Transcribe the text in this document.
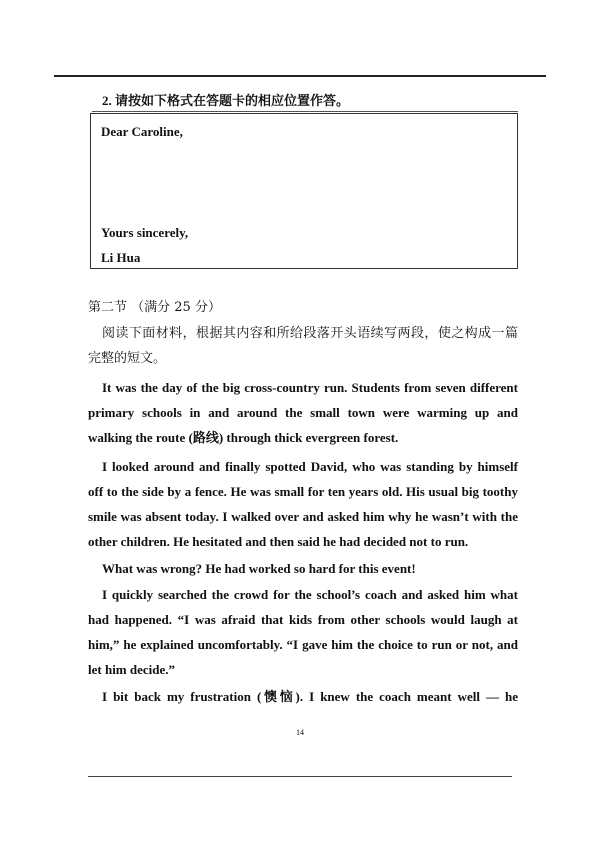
2. 请按如下格式在答题卡的相应位置作答。
Dear Caroline,
Yours sincerely,
Li Hua
第二节 （满分 25 分）
阅读下面材料，根据其内容和所给段落开头语续写两段，使之构成一篇
完整的短文。
It was the day of the big cross-country run. Students from seven different
primary schools in and around the small town were warming up and
walking the route (路线) through thick evergreen forest.
I looked around and finally spotted David, who was standing by himself
off to the side by a fence. He was small for ten years old. His usual big toothy
smile was absent today. I walked over and asked him why he wasn’t with the
other children. He hesitated and then said he had decided not to run.
What was wrong? He had worked so hard for this event!
I quickly searched the crowd for the school’s coach and asked him what
had happened. “I was afraid that kids from other schools would laugh at
him,” he explained uncomfortably. “I gave him the choice to run or not, and
let him decide.”
I bit back my frustration (懊恼). I knew the coach meant well — he
14
